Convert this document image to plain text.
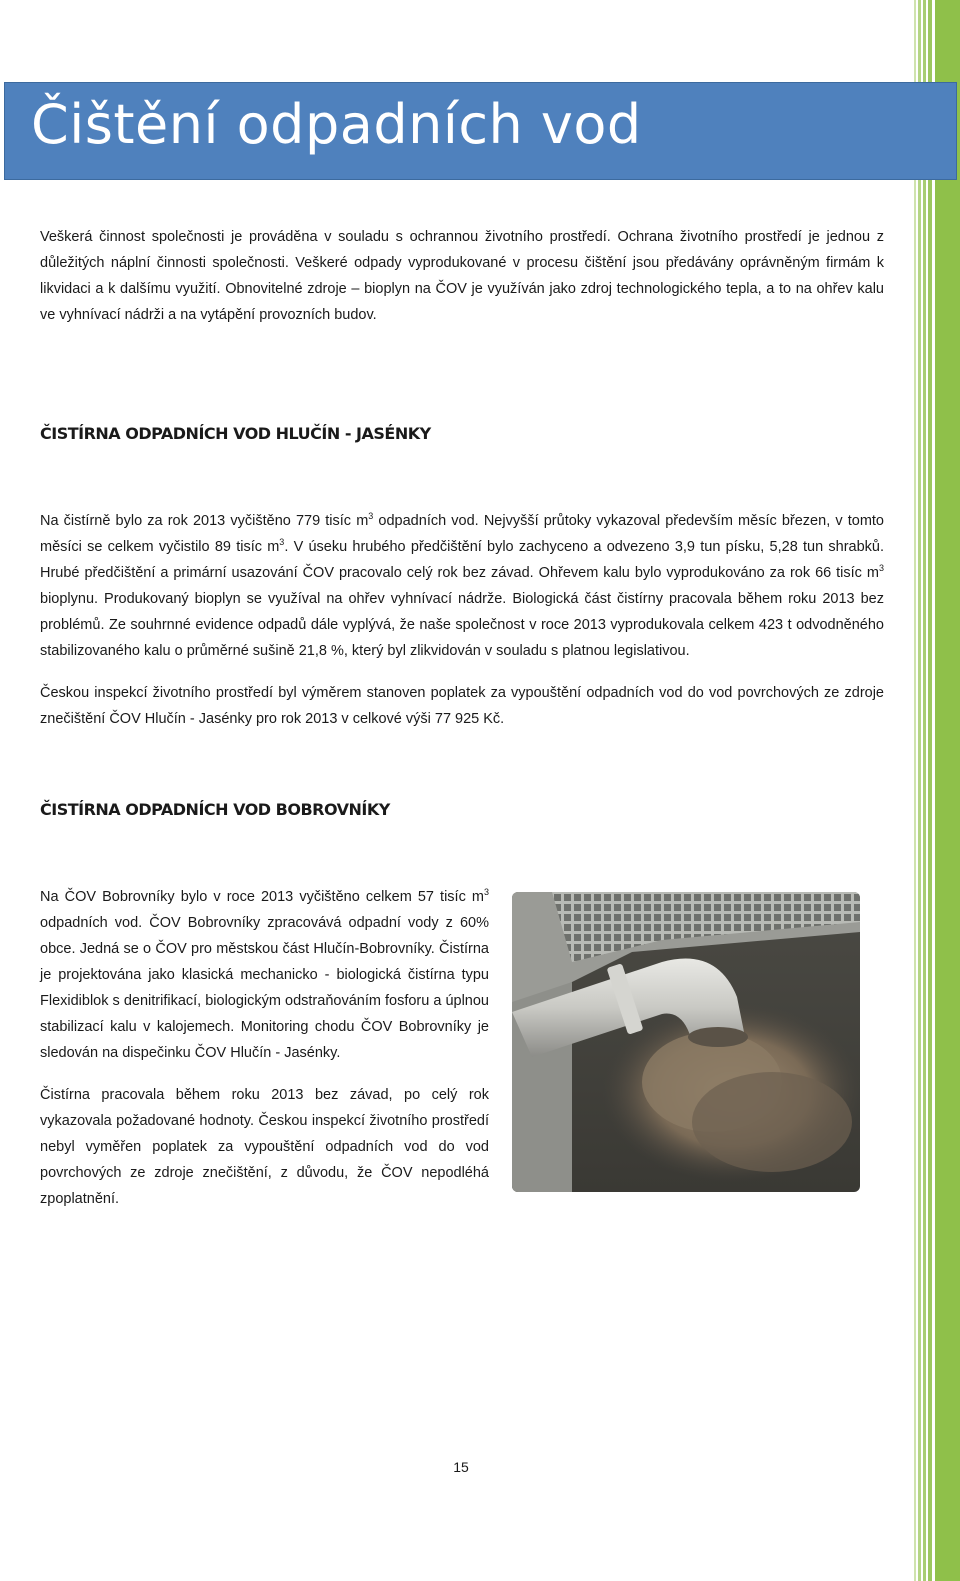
Čištění odpadních vod

Veškerá činnost společnosti je prováděna v souladu s ochrannou životního prostředí. Ochrana životního prostředí je jednou z důležitých náplní činnosti společnosti. Veškeré odpady vyprodukované v procesu čištění jsou předávány oprávněným firmám k likvidaci a k dalšímu využití. Obnovitelné zdroje – bioplyn na ČOV je využíván jako zdroj technologického tepla, a to na ohřev kalu ve vyhnívací nádrži a na vytápění provozních budov.

ČISTÍRNA ODPADNÍCH VOD HLUČÍN - JASÉNKY

Na čistírně bylo za rok 2013 vyčištěno 779 tisíc $m^3$ odpadních vod. Nejvyšší průtoky vykazoval především měsíc březen, v tomto měsíci se celkem vyčistilo 89 tisíc $m^3$. V úseku hrubého předčištění bylo zachyceno a odvezeno 3,9 tun písku, 5,28 tun shrabků. Hrubé předčištění a primární usazování ČOV pracovalo celý rok bez závad. Ohřevem kalu bylo vyprodukováno za rok 66 tisíc $m^3$ bioplynu. Produkovaný bioplyn se využíval na ohřev vyhnívací nádrže. Biologická část čistírny pracovala během roku 2013 bez problémů. Ze souhrnné evidence odpadů dále vyplývá, že naše společnost v roce 2013 vyprodukovala celkem 423 t odvodněného stabilizovaného kalu o průměrné sušině 21,8 %, který byl zlikvidován v souladu s platnou legislativou.

Českou inspekcí životního prostředí byl výměrem stanoven poplatek za vypouštění odpadních vod do vod povrchových ze zdroje znečištění ČOV Hlučín - Jasénky pro rok 2013 v celkové výši 77 925 Kč.

ČISTÍRNA ODPADNÍCH VOD BOBROVNÍKY

Na ČOV Bobrovníky bylo v roce 2013 vyčištěno celkem 57 tisíc $m^3$ odpadních vod. ČOV Bobrovníky zpracovává odpadní vody z 60% obce. Jedná se o ČOV pro městskou část Hlučín-Bobrovníky. Čistírna je projektována jako klasická mechanicko - biologická čistírna typu Flexidiblok s denitrifikací, biologickým odstraňováním fosforu a úplnou stabilizací kalu v kalojemech. Monitoring chodu ČOV Bobrovníky je sledován na dispečinku ČOV Hlučín - Jasénky.

Čistírna pracovala během roku 2013 bez závad, po celý rok vykazovala požadované hodnoty. Českou inspekcí životního prostředí nebyl vyměřen poplatek za vypouštění odpadních vod do vod povrchových ze zdroje znečištění, z důvodu, že ČOV nepodléhá zpoplatnění.

15
